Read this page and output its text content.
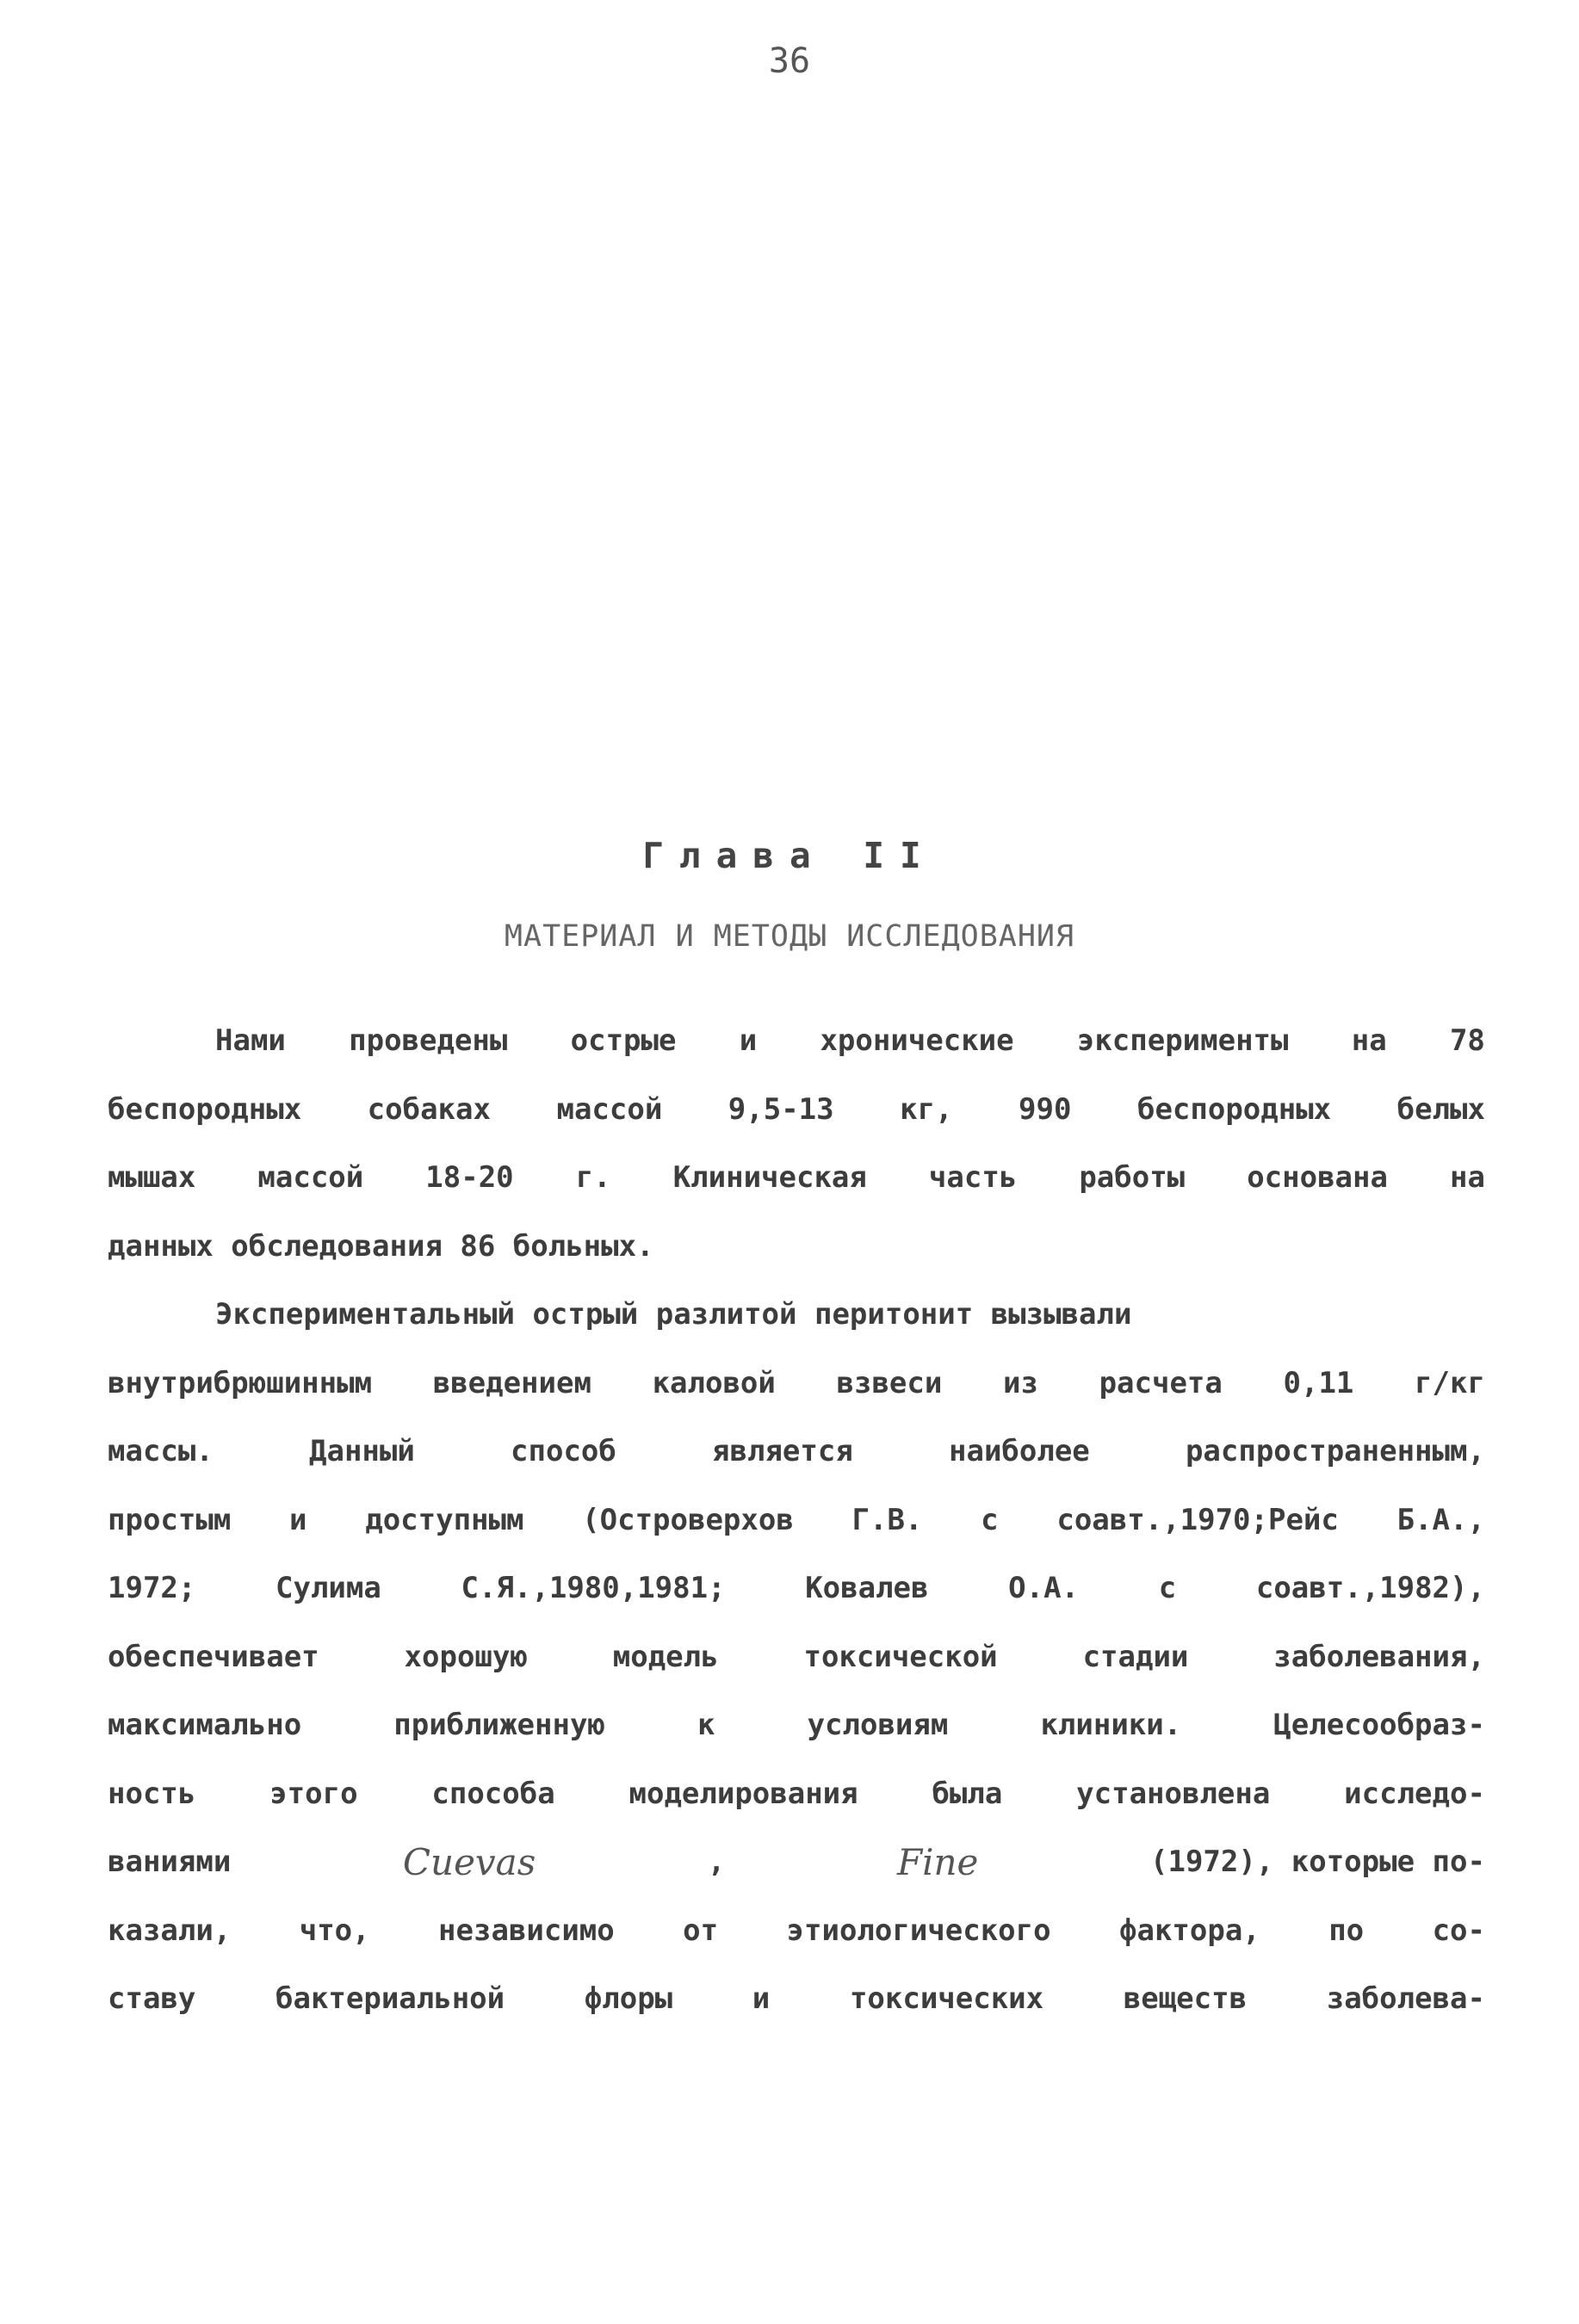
36
Глава II
МАТЕРИАЛ И МЕТОДЫ ИССЛЕДОВАНИЯ
Нами проведены острые и хронические эксперименты на 78
беспородных собаках массой 9,5-13 кг, 990 беспородных белых
мышах массой 18-20 г. Клиническая часть работы основана на
данных обследования 86 больных.
Экспериментальный острый разлитой перитонит вызывали
внутрибрюшинным введением каловой взвеси из расчета 0,11 г/кг
массы.	Данный	способ	является	наиболее	распространенным,
простым и доступным (Островерхов Г.В. с соавт.,1970;Рейс Б.А.,
1972;	Сулима	С.Я.,1980,1981;	Ковалев	О.А.	с	соавт.,1982),
обеспечивает	хорошую	модель	токсической	стадии	заболевания,
максимально	приближенную	к	условиям	клиники.	Целесообраз-
ность	этого	способа	моделирования	была	установлена	исследо-
ваниями	Cuevas	,	Fine	(1972), которые по-
казали, что, независимо от этиологического фактора, по со-
ставу	бактериальной	флоры	и	токсических	веществ	заболева-
